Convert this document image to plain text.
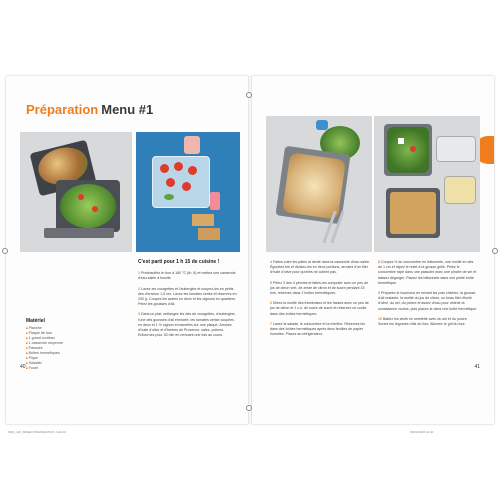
Préparation Menu #1
Matériel
■ Planche
■ Plaque de four
■ 1 grand couteau
■ 1 casserole moyenne
■ Passoire
■ Boîtes hermétiques
■ Pique
■ Saladier
■ Fouet
C'est parti pour 1 h 15 de cuisine !
1 Préchauffez le four à 180 °C (th. 6) et mettez une casserole d'eau salée à bouillir.
2 Lavez les courgettes et l'aubergine et coupez-les en petits dés d'environ 1,5 cm. Lavez les tomates cerise et réservez-en 200 g. Coupez les autres en deux et les oignons en quartiers. Pelez les gousses d'ail.
3 Dans un plat, mélangez les dés de courgettes, d'aubergine, l'une des gousses d'ail émincée, les tomates cerise coupées en deux et 1 ½ oignon en lamelles sur une plaque. Arrosez d'huile d'olive et d'herbes de Provence, salez, poivrez. Enfournez pour 30 min en remuant une fois au cours.
40
4 Faites cuire les pâtes al dente dans la casserole d'eau salée. Égouttez-les et divisez-les en deux portions, arrosez d'un filet d'huile d'olive pour qu'elles ne collent pas.
5 Pelez 3 des 4 pêches et faites-les compoter avec un peu de jus de citron vert, de zeste de citron et de sucre pendant 15 min, réservez dans 2 boîtes hermétiques.
6 Mixez la moitié des framboises et les fraises avec un peu de jus de citron et 1 c.s. de sucre de sucre et réservez ce coulis dans des boîtes hermétiques.
7 Lavez la salade, le concombre et la menthe. Réservez les dans des boîtes hermétiques après deux feuilles de papier humides. Placez au réfrigérateur.
8 Coupez ½ du concombre en bâtonnets, une moitié en dés de 1 cm et râpez le reste à la grosse grille. Pelez le concombre râpé dans une passoire avec une pincée de sel et laissez dégorger. Placez les bâtonnets dans une petite boîte hermétique.
9 Préparez le houmous en mixant les pois chiches, la gousse d'ail restante, la moitié du jus de citron, un beau filet d'huile d'olive, du sel, du poivre et assez d'eau pour obtenir la consistance voulue, puis placez-le dans une boîte hermétique.
10 Battez les œufs en omelette avec du sel et du poivre. Sortez les légumes rôtis du four. Allumez le gril du four.
41
0331_GD_SPEED PREPARATION .indd 40	09/01/2020 12:40
